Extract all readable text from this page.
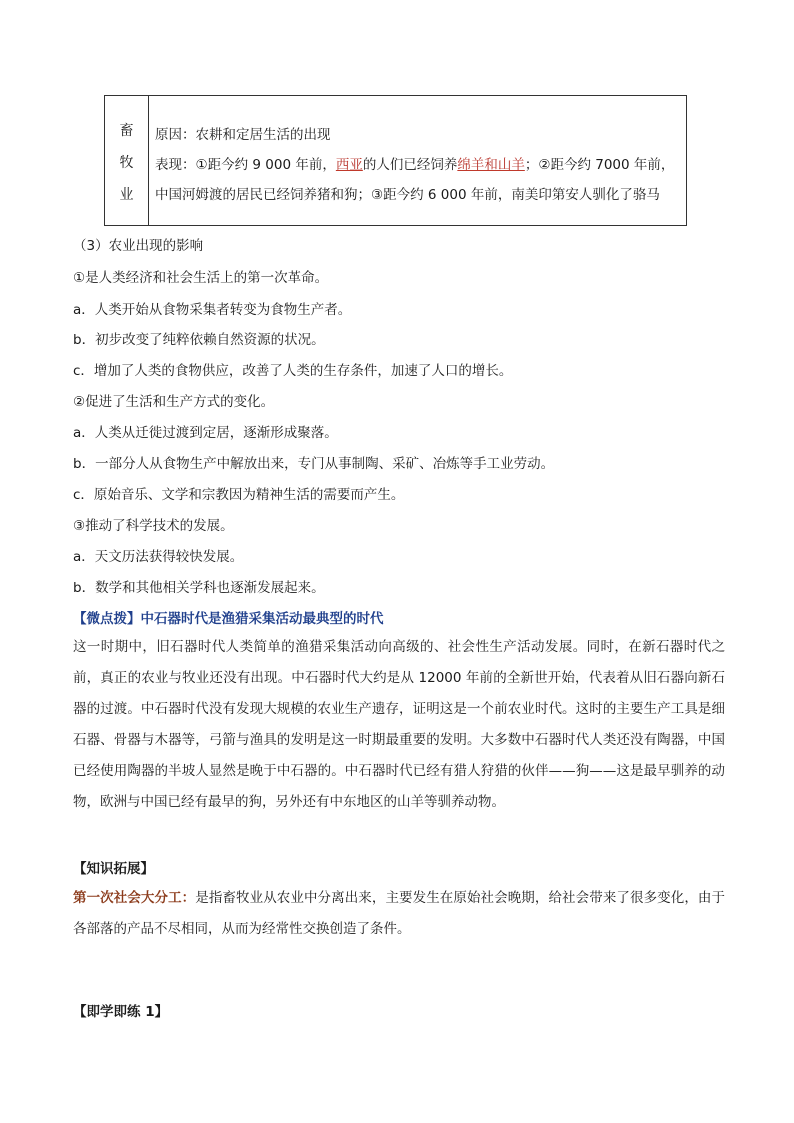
畜
牧
业
原因：农耕和定居生活的出现
表现：①距今约 9 000 年前，西亚的人们已经饲养绵羊和山羊；②距今约 7000 年前，
中国河姆渡的居民已经饲养猪和狗；③距今约 6 000 年前，南美印第安人驯化了骆马
（3）农业出现的影响
①是人类经济和社会生活上的第一次革命。
a．人类开始从食物采集者转变为食物生产者。
b．初步改变了纯粹依赖自然资源的状况。
c．增加了人类的食物供应，改善了人类的生存条件，加速了人口的增长。
②促进了生活和生产方式的变化。
a．人类从迁徙过渡到定居，逐渐形成聚落。
b．一部分人从食物生产中解放出来，专门从事制陶、采矿、冶炼等手工业劳动。
c．原始音乐、文学和宗教因为精神生活的需要而产生。
③推动了科学技术的发展。
a．天文历法获得较快发展。
b．数学和其他相关学科也逐渐发展起来。
【微点拨】中石器时代是渔猎采集活动最典型的时代
这一时期中，旧石器时代人类简单的渔猎采集活动向高级的、社会性生产活动发展。同时，在新石器时代之前，真正的农业与牧业还没有出现。中石器时代大约是从 12000 年前的全新世开始，代表着从旧石器向新石器的过渡。中石器时代没有发现大规模的农业生产遗存，证明这是一个前农业时代。这时的主要生产工具是细石器、骨器与木器等，弓箭与渔具的发明是这一时期最重要的发明。大多数中石器时代人类还没有陶器，中国已经使用陶器的半坡人显然是晚于中石器的。中石器时代已经有猎人狩猎的伙伴——狗——这是最早驯养的动物，欧洲与中国已经有最早的狗，另外还有中东地区的山羊等驯养动物。
【知识拓展】
第一次社会大分工：是指畜牧业从农业中分离出来，主要发生在原始社会晚期，给社会带来了很多变化，由于各部落的产品不尽相同，从而为经常性交换创造了条件。
【即学即练 1】
